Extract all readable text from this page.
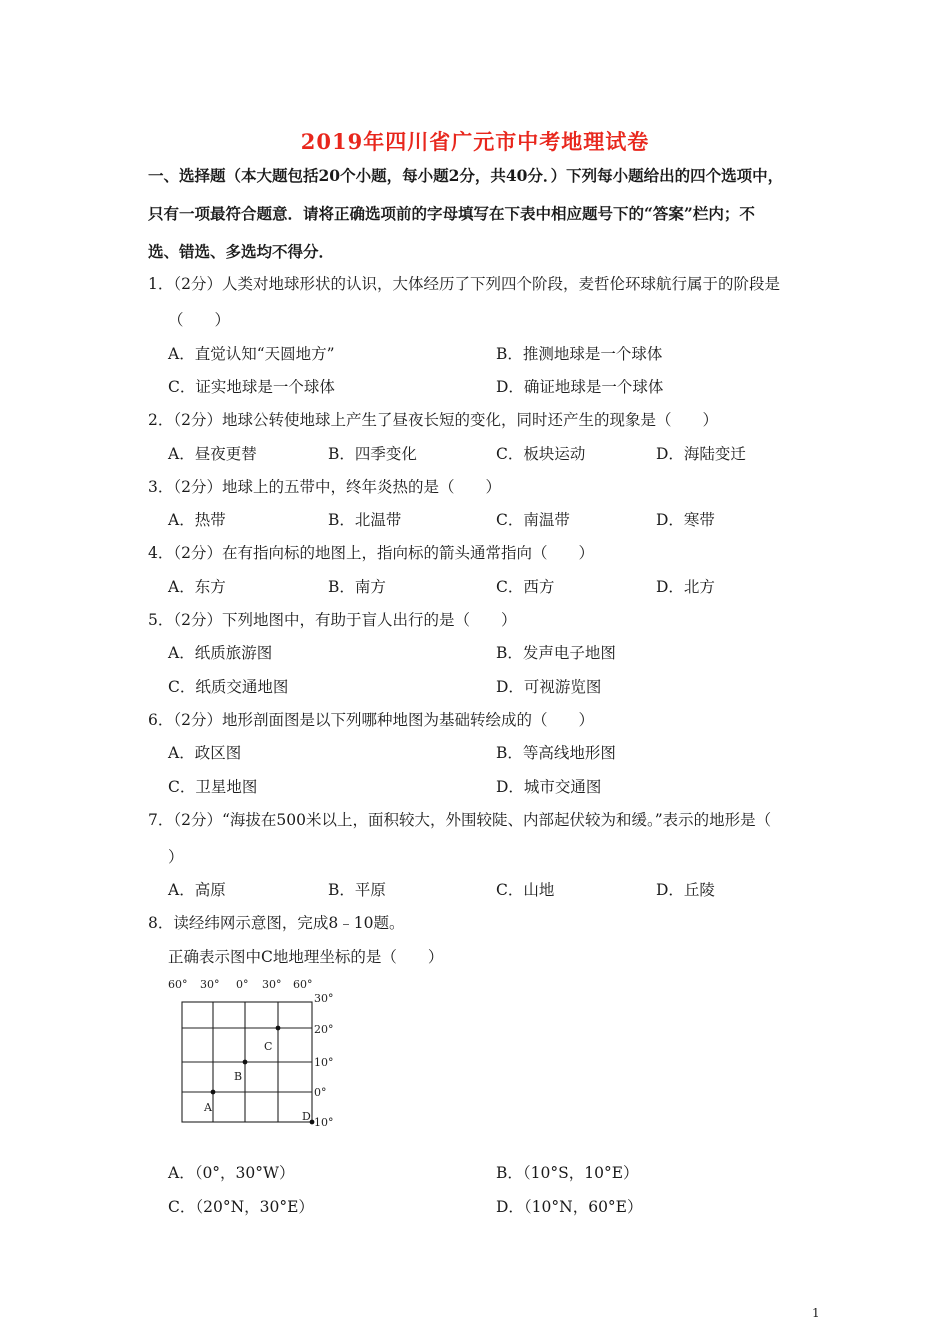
2019年四川省广元市中考地理试卷
一、选择题（本大题包括20个小题，每小题2分，共40分．）下列每小题给出的四个选项中，
只有一项最符合题意．请将正确选项前的字母填写在下表中相应题号下的“答案”栏内；不
选、错选、多选均不得分．
1．（2分）人类对地球形状的认识，大体经历了下列四个阶段，麦哲伦环球航行属于的阶段是
（　　）
A．直觉认知“天圆地方”	B．推测地球是一个球体
C．证实地球是一个球体	D．确证地球是一个球体
2．（2分）地球公转使地球上产生了昼夜长短的变化，同时还产生的现象是（　　）
A．昼夜更替	B．四季变化	C．板块运动	D．海陆变迁
3．（2分）地球上的五带中，终年炎热的是（　　）
A．热带	B．北温带	C．南温带	D．寒带
4．（2分）在有指向标的地图上，指向标的箭头通常指向（　　）
A．东方	B．南方	C．西方	D．北方
5．（2分）下列地图中，有助于盲人出行的是（　　）
A．纸质旅游图	B．发声电子地图
C．纸质交通地图	D．可视游览图
6．（2分）地形剖面图是以下列哪种地图为基础转绘成的（　　）
A．政区图	B．等高线地形图
C．卫星地图	D．城市交通图
7．（2分）“海拔在500米以上，面积较大，外围较陡、内部起伏较为和缓。”表示的地形是（
）
A．高原	B．平原	C．山地	D．丘陵
8．读经纬网示意图，完成8﹣10题。
正确表示图中C地地理坐标的是（　　）
60° 30° 0° 30° 60°
30°
20°
10°
0°
10°
A
B
C
D
A．（0°，30°W）	B．（10°S，10°E）
C．（20°N，30°E）	D．（10°N，60°E）
1
